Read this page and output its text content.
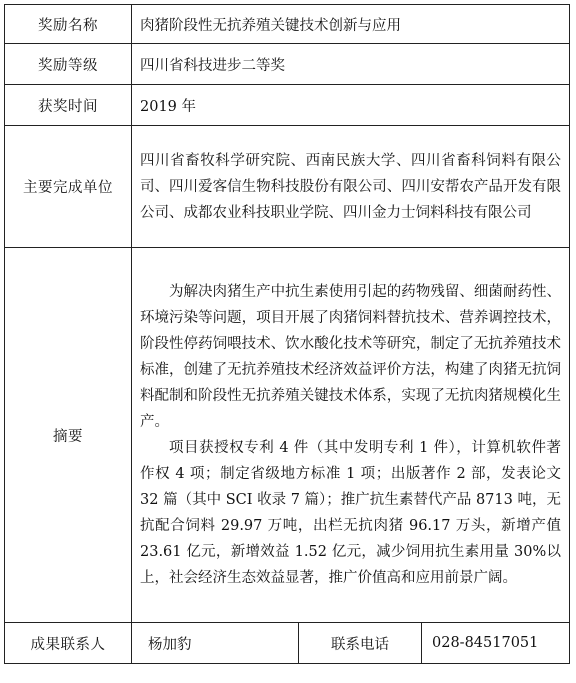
奖励名称	肉猪阶段性无抗养殖关键技术创新与应用
奖励等级	四川省科技进步二等奖
获奖时间	2019 年
主要完成单位	四川省畜牧科学研究院、西南民族大学、四川省畜科饲料有限公司、四川爱客信生物科技股份有限公司、四川安帮农产品开发有限公司、成都农业科技职业学院、四川金力士饲料科技有限公司
摘要	为解决肉猪生产中抗生素使用引起的药物残留、细菌耐药性、环境污染等问题，项目开展了肉猪饲料替抗技术、营养调控技术，阶段性停药饲喂技术、饮水酸化技术等研究，制定了无抗养殖技术标准，创建了无抗养殖技术经济效益评价方法，构建了肉猪无抗饲料配制和阶段性无抗养殖关键技术体系，实现了无抗肉猪规模化生产。

项目获授权专利 4 件（其中发明专利 1 件），计算机软件著作权 4 项；制定省级地方标准 1 项；出版著作 2 部，发表论文 32 篇（其中 SCI 收录 7 篇）；推广抗生素替代产品 8713 吨，无抗配合饲料 29.97 万吨，出栏无抗肉猪 96.17 万头，新增产值 23.61 亿元，新增效益 1.52 亿元，减少饲用抗生素用量 30%以上，社会经济生态效益显著，推广价值高和应用前景广阔。

成果联系人	杨加豹 联系电话 028-84517051
